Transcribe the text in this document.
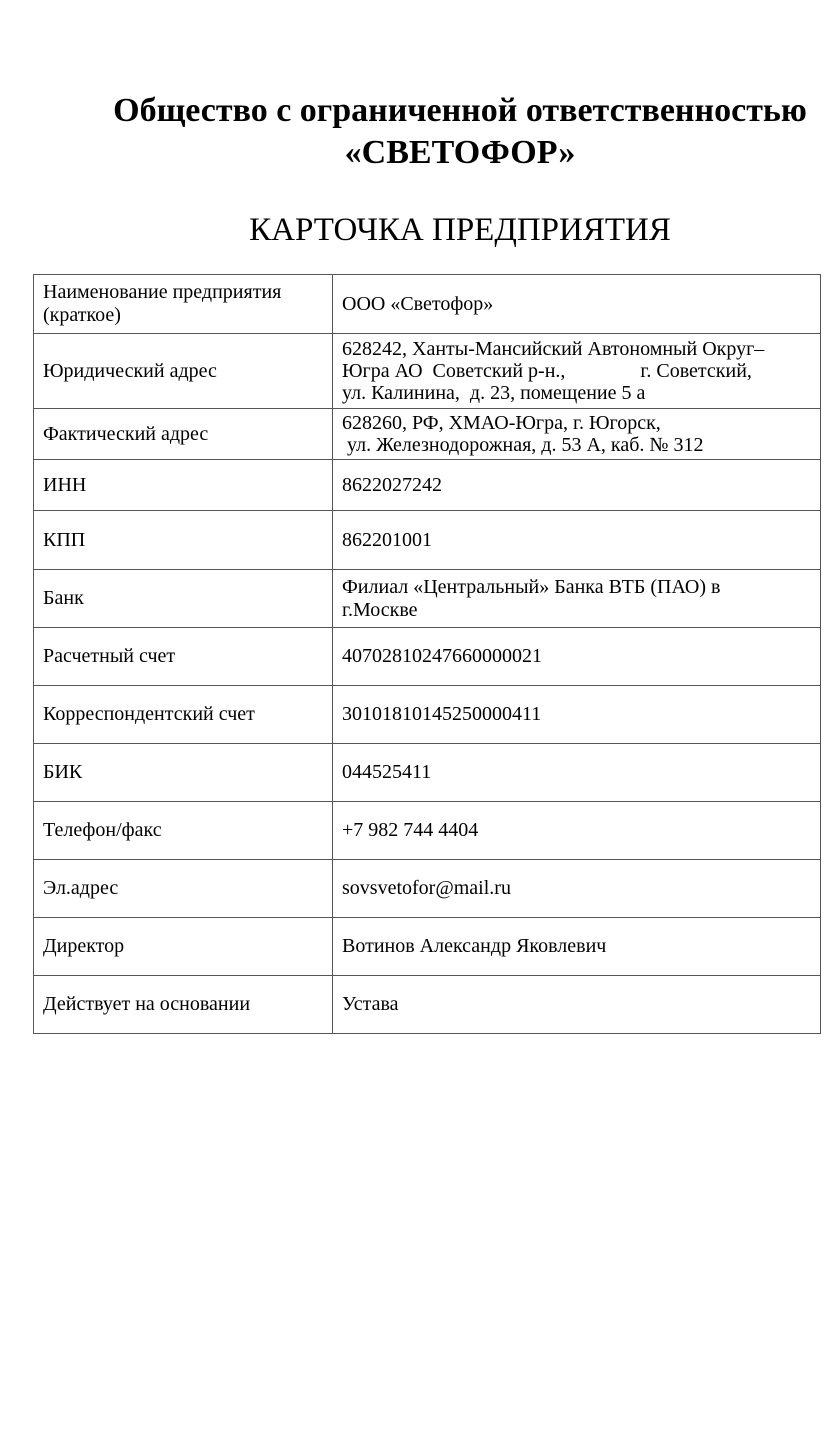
Общество с ограниченной ответственностью
«СВЕТОФОР»
КАРТОЧКА ПРЕДПРИЯТИЯ
Наименование предприятия
(краткое)	ООО «Светофор»

Юридический адрес	628242, Ханты-Мансийский Автономный Округ–
Югра АО  Советский р-н.,               г. Советский,
ул. Калинина,  д. 23, помещение 5 а

Фактический адрес	628260, РФ, ХМАО-Югра, г. Югорск,
ул. Железнодорожная, д. 53 А, каб. № 312

ИНН	8622027242

КПП	862201001

Банк	Филиал «Центральный» Банка ВТБ (ПАО) в
г.Москве

Расчетный счет	40702810247660000021

Корреспондентский счет	30101810145250000411

БИК	044525411

Телефон/факс	+7 982 744 4404

Эл.адрес	sovsvetofor@mail.ru

Директор	Вотинов Александр Яковлевич

Действует на основании	Устава
